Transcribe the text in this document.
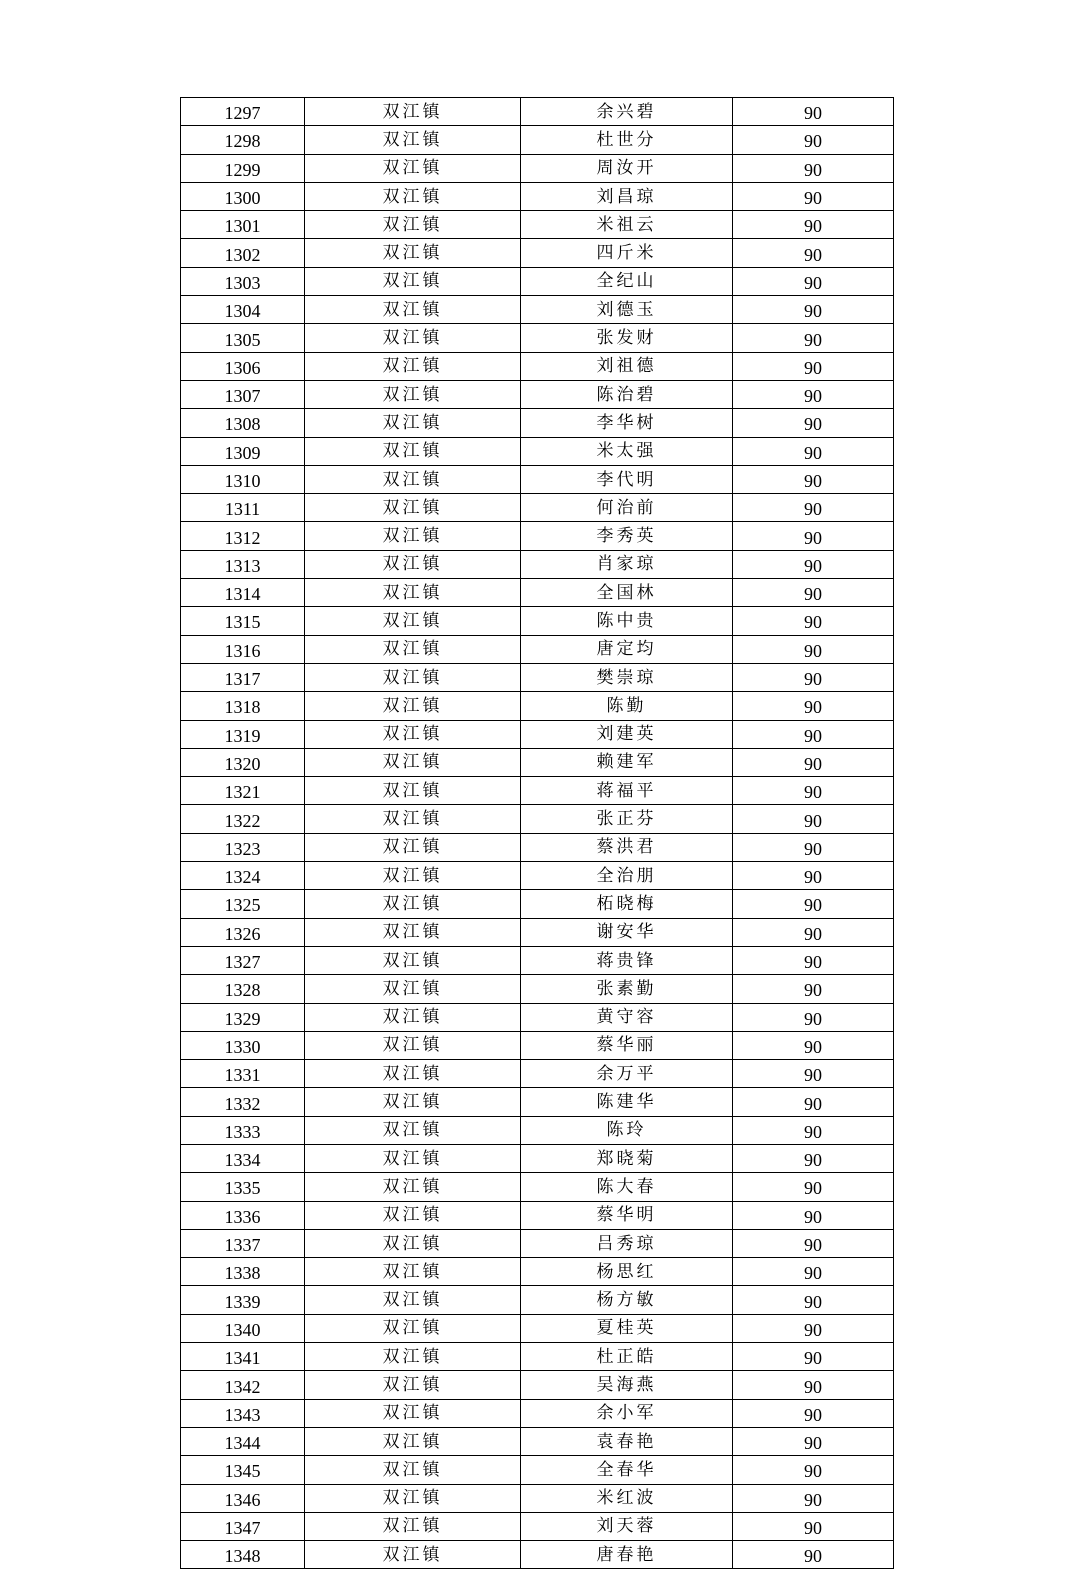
1297	双江镇	余兴碧	90
1298	双江镇	杜世分	90
1299	双江镇	周汝开	90
1300	双江镇	刘昌琼	90
1301	双江镇	米祖云	90
1302	双江镇	四斤米	90
1303	双江镇	全纪山	90
1304	双江镇	刘德玉	90
1305	双江镇	张发财	90
1306	双江镇	刘祖德	90
1307	双江镇	陈治碧	90
1308	双江镇	李华树	90
1309	双江镇	米太强	90
1310	双江镇	李代明	90
1311	双江镇	何治前	90
1312	双江镇	李秀英	90
1313	双江镇	肖家琼	90
1314	双江镇	全国林	90
1315	双江镇	陈中贵	90
1316	双江镇	唐定均	90
1317	双江镇	樊崇琼	90
1318	双江镇	陈勤	90
1319	双江镇	刘建英	90
1320	双江镇	赖建军	90
1321	双江镇	蒋福平	90
1322	双江镇	张正芬	90
1323	双江镇	蔡洪君	90
1324	双江镇	全治朋	90
1325	双江镇	柘晓梅	90
1326	双江镇	谢安华	90
1327	双江镇	蒋贵锋	90
1328	双江镇	张素勤	90
1329	双江镇	黄守容	90
1330	双江镇	蔡华丽	90
1331	双江镇	余万平	90
1332	双江镇	陈建华	90
1333	双江镇	陈玲	90
1334	双江镇	郑晓菊	90
1335	双江镇	陈大春	90
1336	双江镇	蔡华明	90
1337	双江镇	吕秀琼	90
1338	双江镇	杨思红	90
1339	双江镇	杨方敏	90
1340	双江镇	夏桂英	90
1341	双江镇	杜正皓	90
1342	双江镇	吴海燕	90
1343	双江镇	余小军	90
1344	双江镇	袁春艳	90
1345	双江镇	全春华	90
1346	双江镇	米红波	90
1347	双江镇	刘天蓉	90
1348	双江镇	唐春艳	90
